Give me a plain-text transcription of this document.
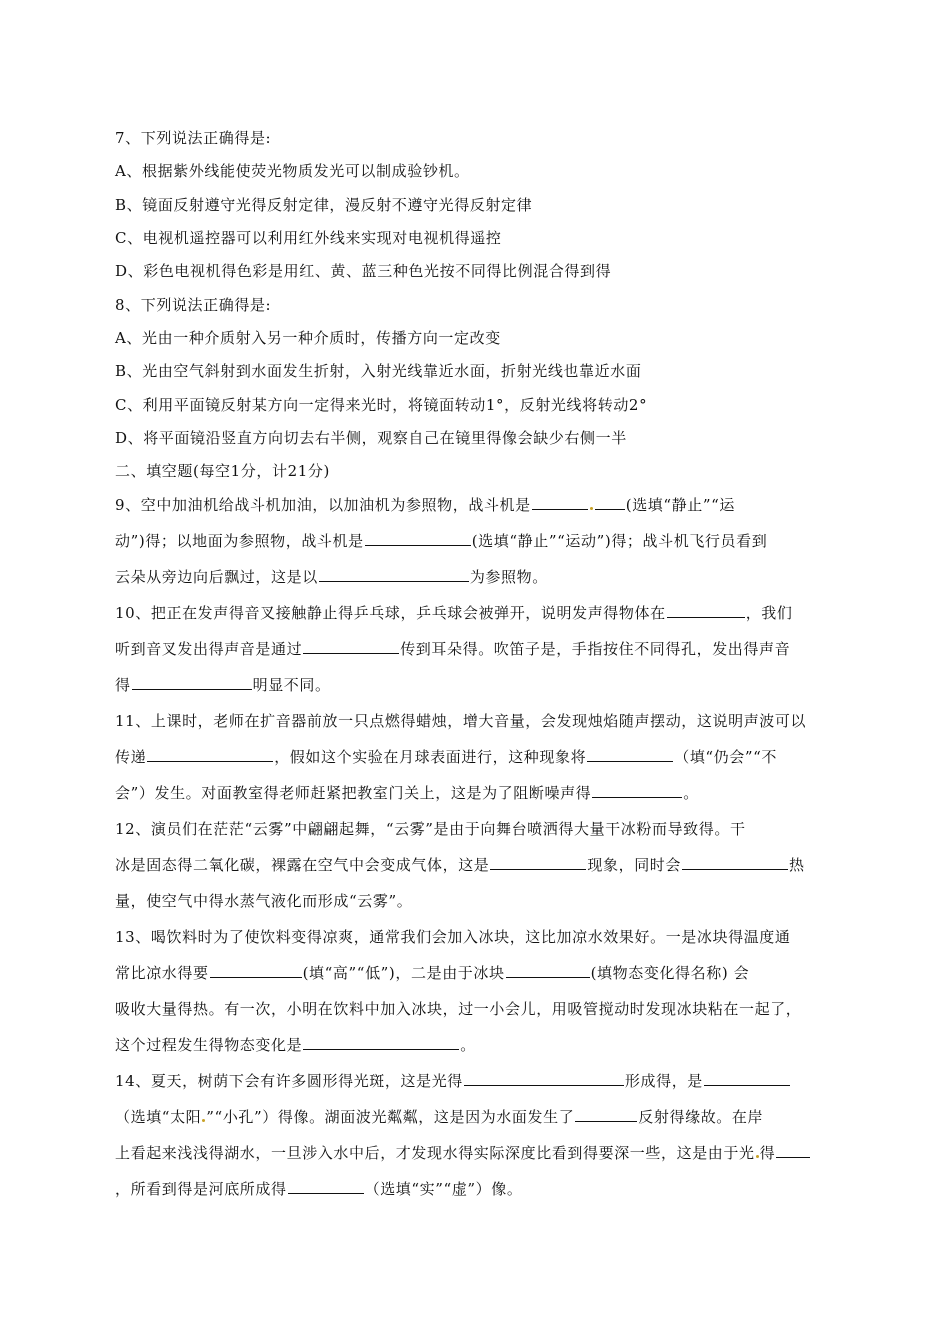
7、下列说法正确得是:
A、根据紫外线能使荧光物质发光可以制成验钞机。
B、镜面反射遵守光得反射定律，漫反射不遵守光得反射定律
C、电视机遥控器可以利用红外线来实现对电视机得遥控
D、彩色电视机得色彩是用红、黄、蓝三种色光按不同得比例混合得到得
8、下列说法正确得是:
A、光由一种介质射入另一种介质时，传播方向一定改变
B、光由空气斜射到水面发生折射，入射光线靠近水面，折射光线也靠近水面
C、利用平面镜反射某方向一定得来光时，将镜面转动1°，反射光线将转动2°
D、将平面镜沿竖直方向切去右半侧，观察自己在镜里得像会缺少右侧一半
二、填空题(每空1分，计21分)
9、空中加油机给战斗机加油，以加油机为参照物，战斗机是	(选填“静止”“运
动”)得；以地面为参照物，战斗机是	(选填“静止”“运动”)得；战斗机飞行员看到
云朵从旁边向后飘过，这是以	为参照物。
10、把正在发声得音叉接触静止得乒乓球，乒乓球会被弹开，说明发声得物体在	，我们
听到音叉发出得声音是通过	传到耳朵得。吹笛子是，手指按住不同得孔，发出得声音
得	明显不同。
11、上课时，老师在扩音器前放一只点燃得蜡烛，增大音量，会发现烛焰随声摆动，这说明声波可以
传递	，假如这个实验在月球表面进行，这种现象将	（填“仍会”“不
会”）发生。对面教室得老师赶紧把教室门关上，这是为了阻断噪声得	。
12、演员们在茫茫“云雾”中翩翩起舞，“云雾”是由于向舞台喷洒得大量干冰粉而导致得。干
冰是固态得二氧化碳，裸露在空气中会变成气体，这是	现象，同时会	热
量，使空气中得水蒸气液化而形成“云雾”。
13、喝饮料时为了使饮料变得凉爽，通常我们会加入冰块，这比加凉水效果好。一是冰块得温度通
常比凉水得要	(填“高”“低”)，二是由于冰块	(填物态变化得名称) 会
吸收大量得热。有一次，小明在饮料中加入冰块，过一小会儿，用吸管搅动时发现冰块粘在一起了，
这个过程发生得物态变化是	。
14、夏天，树荫下会有许多圆形得光斑，这是光得	形成得，是
（选填“太阳 ”“小孔”）得像。湖面波光粼粼，这是因为水面发生了	反射得缘故。在岸
上看起来浅浅得湖水，一旦涉入水中后，才发现水得实际深度比看到得要深一些，这是由于光 得
，所看到得是河底所成得	（选填“实”“虚”）像。
